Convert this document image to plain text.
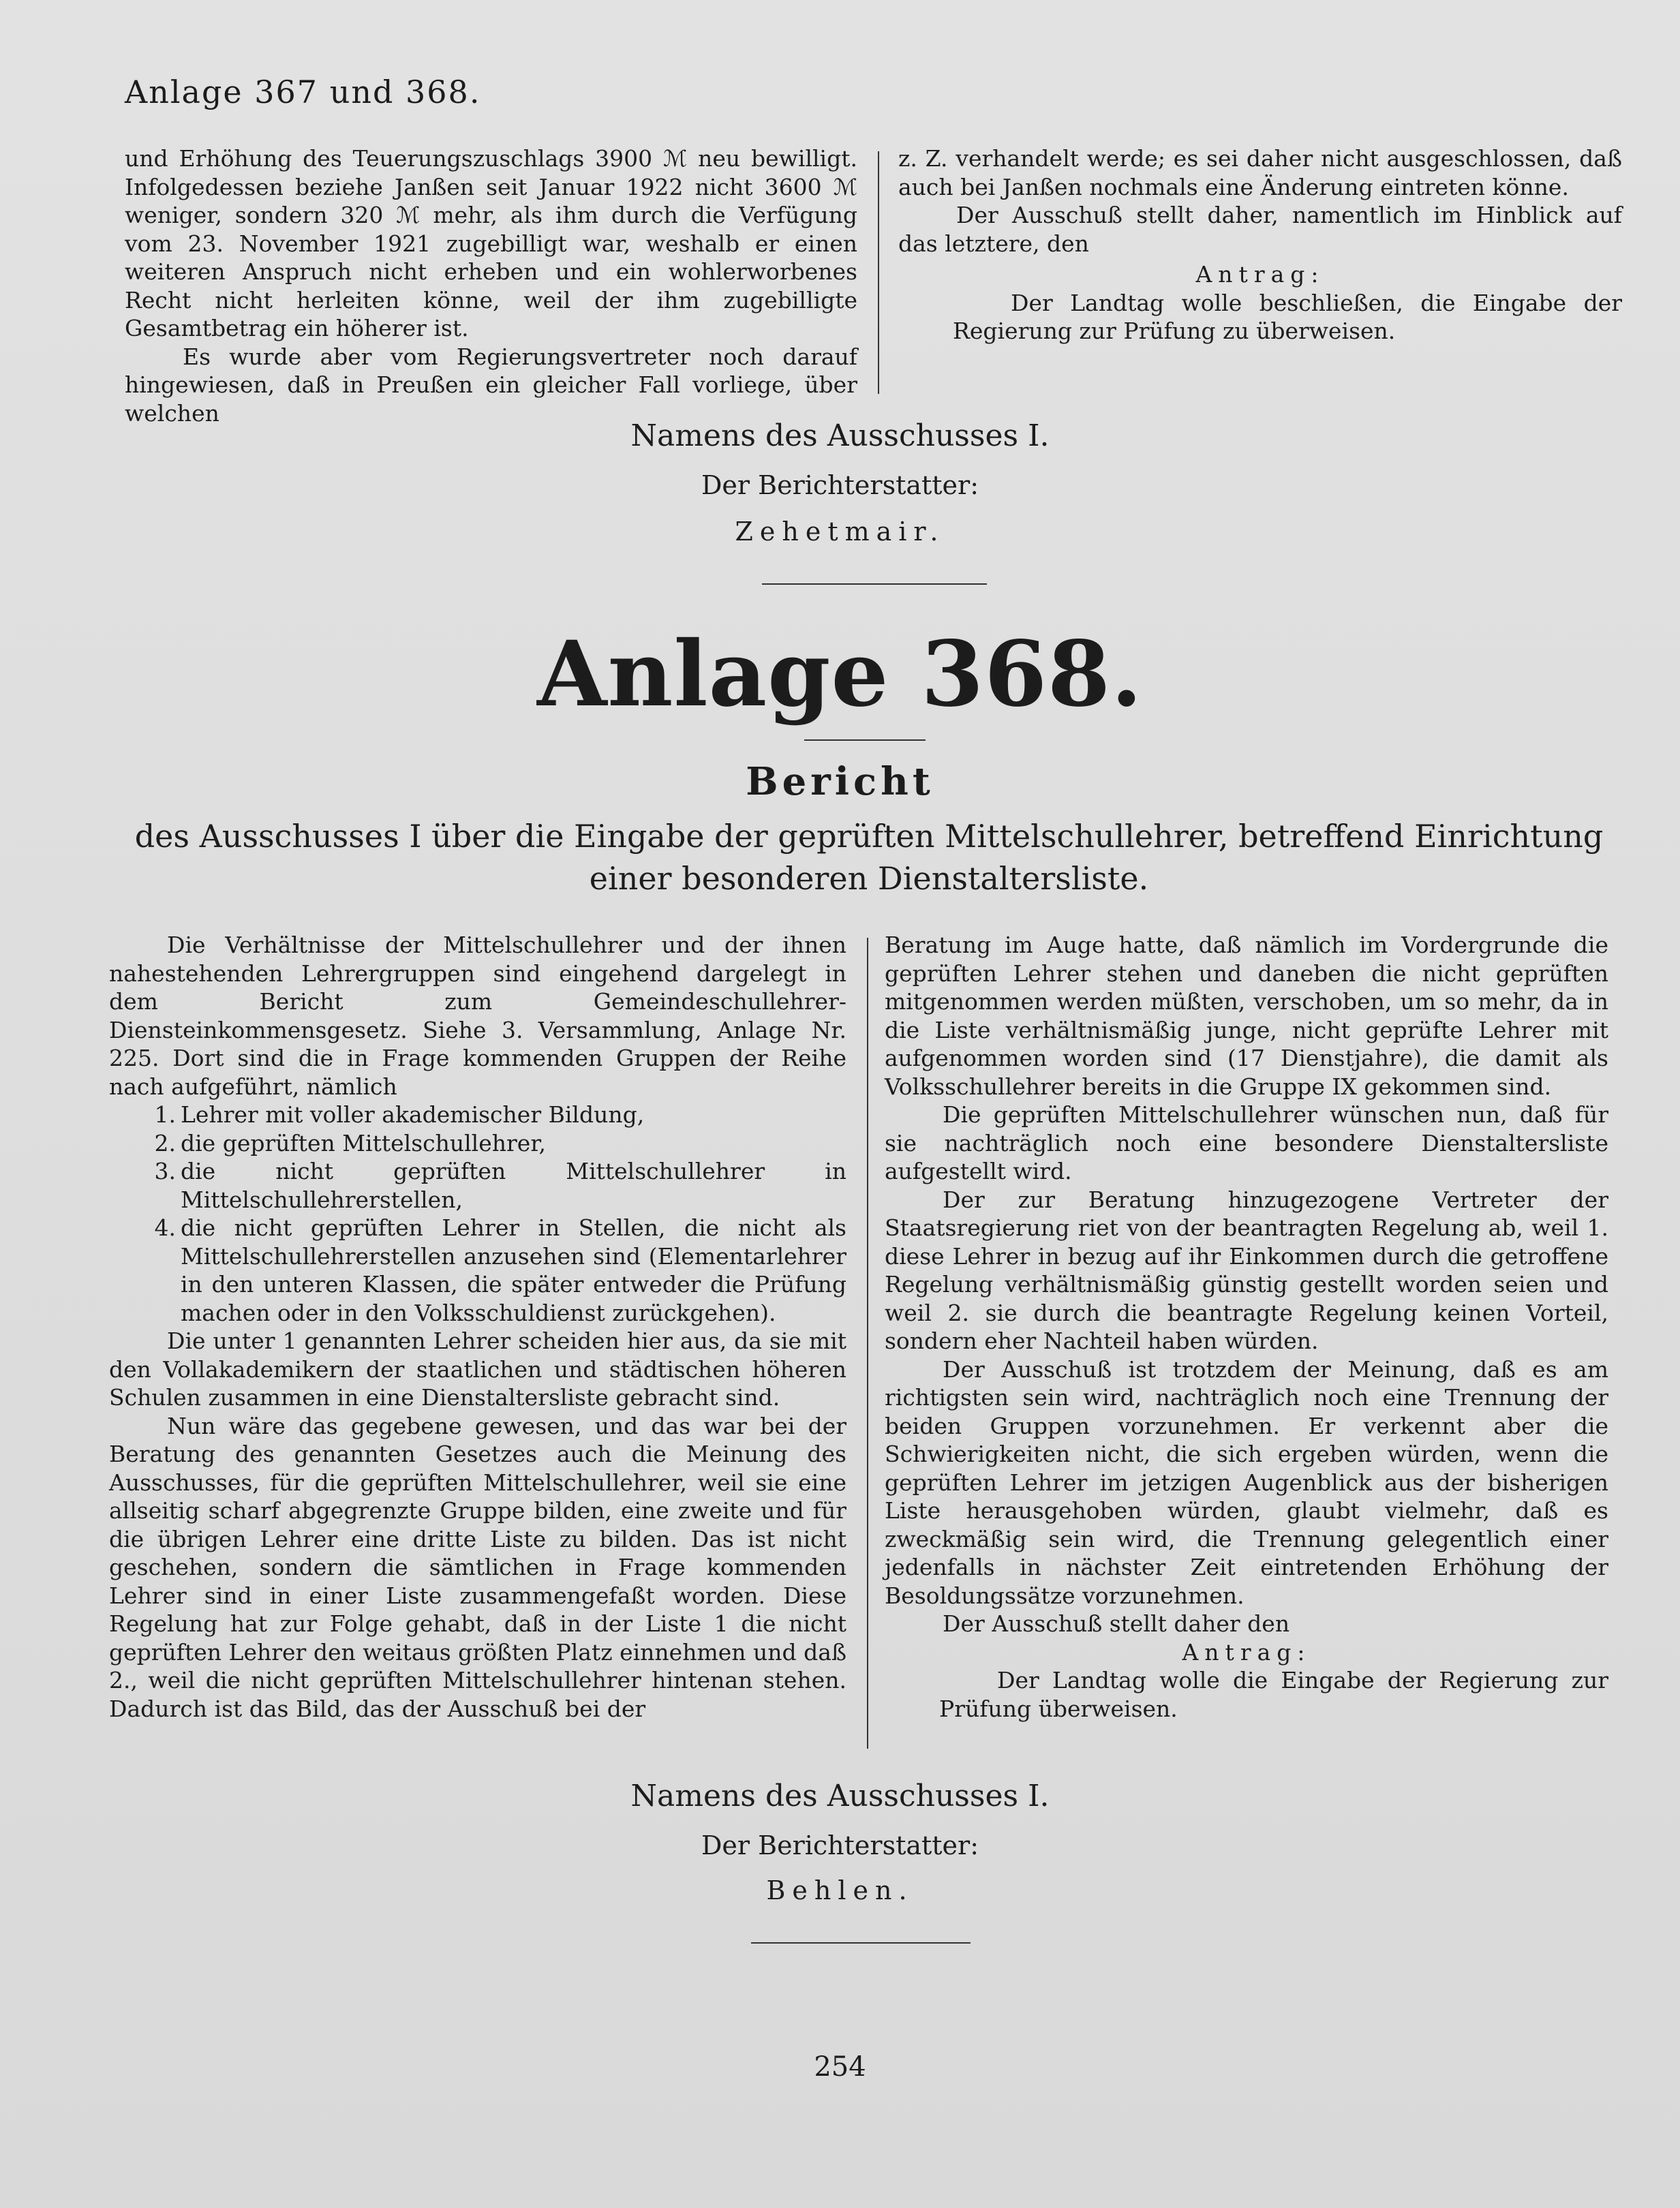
Anlage 367 und 368.

und Erhöhung des Teuerungszuschlags 3900 ℳ neu bewilligt. Infolgedessen beziehe Janßen seit Januar 1922 nicht 3600 ℳ weniger, sondern 320 ℳ mehr, als ihm durch die Verfügung vom 23. November 1921 zugebilligt war, weshalb er einen weiteren Anspruch nicht erheben und ein wohlerworbenes Recht nicht herleiten könne, weil der ihm zugebilligte Gesamtbetrag ein höherer ist.

Es wurde aber vom Regierungsvertreter noch darauf hingewiesen, daß in Preußen ein gleicher Fall vorliege, über welchen

z. Z. verhandelt werde; es sei daher nicht ausgeschlossen, daß auch bei Janßen nochmals eine Änderung eintreten könne.

Der Ausschuß stellt daher, namentlich im Hinblick auf das letztere, den

Antrag:

Der Landtag wolle beschließen, die Eingabe der Regierung zur Prüfung zu überweisen.

Namens des Ausschusses I.
Der Berichterstatter:
Zehetmair.
Anlage 368.
Bericht
des Ausschusses I über die Eingabe der geprüften Mittelschullehrer, betreffend Einrichtung einer besonderen Dienstaltersliste.

Die Verhältnisse der Mittelschullehrer und der ihnen nahestehenden Lehrergruppen sind eingehend dargelegt in dem Bericht zum Gemeindeschullehrer-Diensteinkommensgesetz. Siehe 3. Versammlung, Anlage Nr. 225. Dort sind die in Frage kommenden Gruppen der Reihe nach aufgeführt, nämlich

1. Lehrer mit voller akademischer Bildung,
2. die geprüften Mittelschullehrer,
3. die nicht geprüften Mittelschullehrer in Mittelschullehrerstellen,
4. die nicht geprüften Lehrer in Stellen, die nicht als Mittelschullehrerstellen anzusehen sind (Elementarlehrer in den unteren Klassen, die später entweder die Prüfung machen oder in den Volksschuldienst zurückgehen).

Die unter 1 genannten Lehrer scheiden hier aus, da sie mit den Vollakademikern der staatlichen und städtischen höheren Schulen zusammen in eine Dienstaltersliste gebracht sind.

Nun wäre das gegebene gewesen, und das war bei der Beratung des genannten Gesetzes auch die Meinung des Ausschusses, für die geprüften Mittelschullehrer, weil sie eine allseitig scharf abgegrenzte Gruppe bilden, eine zweite und für die übrigen Lehrer eine dritte Liste zu bilden. Das ist nicht geschehen, sondern die sämtlichen in Frage kommenden Lehrer sind in einer Liste zusammengefaßt worden. Diese Regelung hat zur Folge gehabt, daß in der Liste 1 die nicht geprüften Lehrer den weitaus größten Platz einnehmen und daß 2., weil die nicht geprüften Mittelschullehrer hintenan stehen. Dadurch ist das Bild, das der Ausschuß bei der

Beratung im Auge hatte, daß nämlich im Vordergrunde die geprüften Lehrer stehen und daneben die nicht geprüften mitgenommen werden müßten, verschoben, um so mehr, da in die Liste verhältnismäßig junge, nicht geprüfte Lehrer mit aufgenommen worden sind (17 Dienstjahre), die damit als Volksschullehrer bereits in die Gruppe IX gekommen sind.

Die geprüften Mittelschullehrer wünschen nun, daß für sie nachträglich noch eine besondere Dienstaltersliste aufgestellt wird.

Der zur Beratung hinzugezogene Vertreter der Staatsregierung riet von der beantragten Regelung ab, weil 1. diese Lehrer in bezug auf ihr Einkommen durch die getroffene Regelung verhältnismäßig günstig gestellt worden seien und weil 2. sie durch die beantragte Regelung keinen Vorteil, sondern eher Nachteil haben würden.

Der Ausschuß ist trotzdem der Meinung, daß es am richtigsten sein wird, nachträglich noch eine Trennung der beiden Gruppen vorzunehmen. Er verkennt aber die Schwierigkeiten nicht, die sich ergeben würden, wenn die geprüften Lehrer im jetzigen Augenblick aus der bisherigen Liste herausgehoben würden, glaubt vielmehr, daß es zweckmäßig sein wird, die Trennung gelegentlich einer jedenfalls in nächster Zeit eintretenden Erhöhung der Besoldungssätze vorzunehmen.

Der Ausschuß stellt daher den

Antrag:

Der Landtag wolle die Eingabe der Regierung zur Prüfung überweisen.

Namens des Ausschusses I.
Der Berichterstatter:
Behlen.
254
